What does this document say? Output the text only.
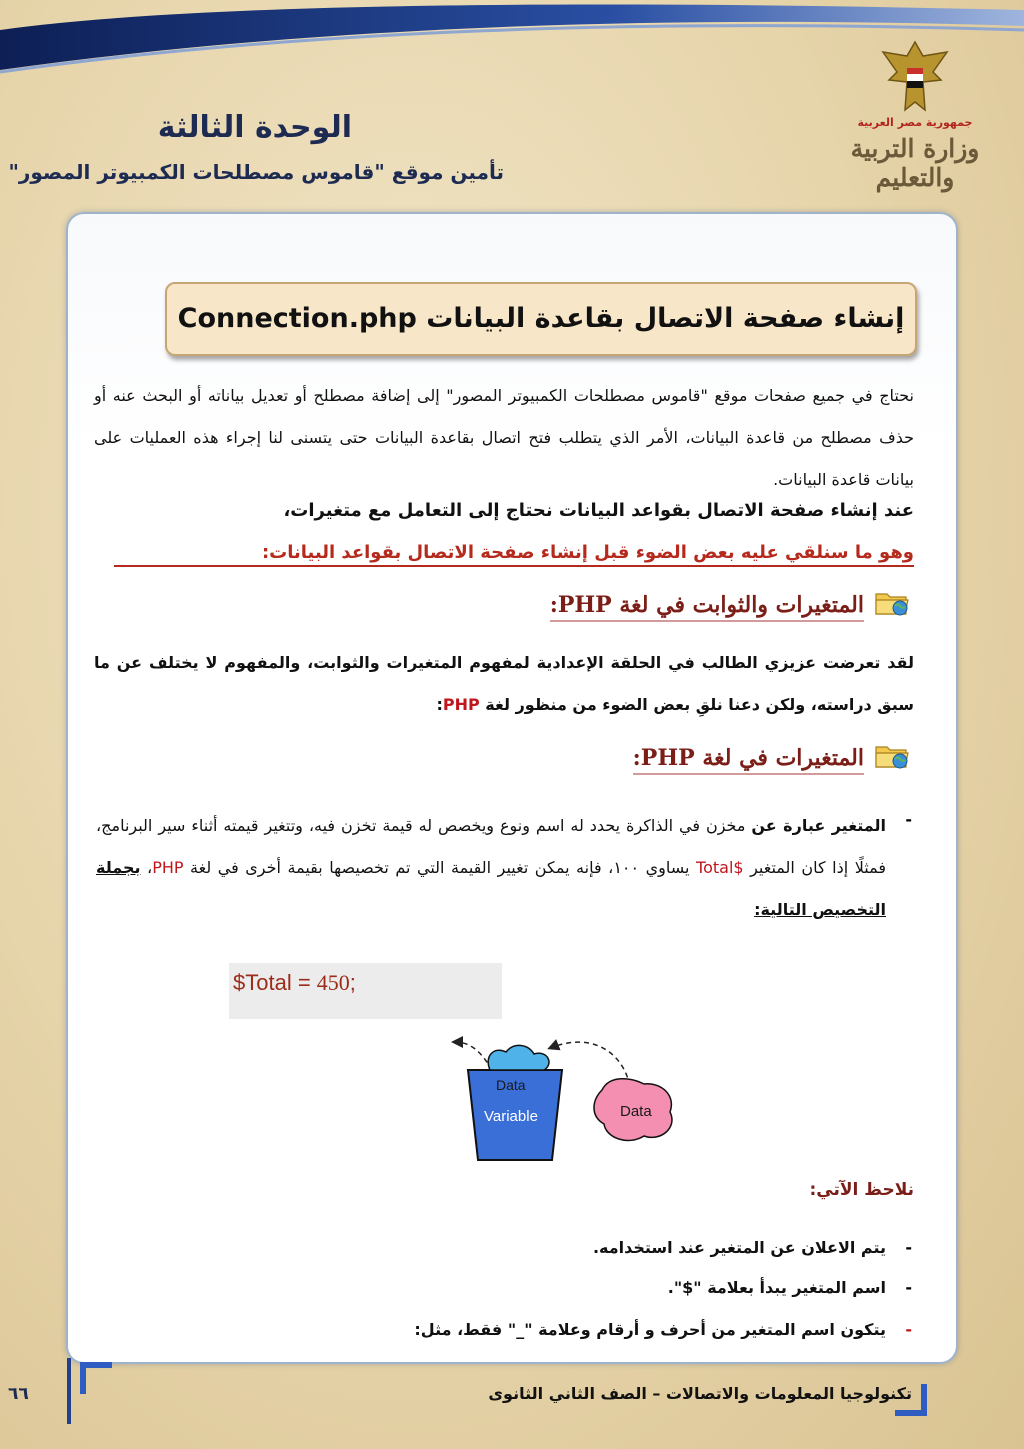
الوحدة الثالثة
تأمين موقع "قاموس مصطلحات الكمبيوتر المصور"
جمهورية مصر العربية
وزارة التربية والتعليم
إنشاء صفحة الاتصال بقاعدة البيانات Connection.php
نحتاج في جميع صفحات موقع "قاموس مصطلحات الكمبيوتر المصور" إلى إضافة مصطلح أو تعديل بياناته أو البحث عنه أو حذف مصطلح من قاعدة البيانات، الأمر الذي يتطلب فتح اتصال بقاعدة البيانات حتى يتسنى لنا إجراء هذه العمليات على بيانات قاعدة البيانات.
عند إنشاء صفحة الاتصال بقواعد البيانات نحتاج إلى التعامل مع متغيرات،
وهو ما سنلقي عليه بعض الضوء قبل إنشاء صفحة الاتصال بقواعد البيانات:
المتغيرات والثوابت في لغة PHP:
لقد تعرضت عزيزي الطالب في الحلقة الإعدادية لمفهوم المتغيرات والثوابت، والمفهوم لا يختلف عن ما سبق دراسته، ولكن دعنا نلقِ بعض الضوء من منظور لغة PHP:
المتغيرات في لغة PHP:
-
المتغير عبارة عن مخزن في الذاكرة يحدد له اسم ونوع ويخصص له قيمة تخزن فيه، وتتغير قيمته أثناء سير البرنامج، فمثلًا إذا كان المتغير $Total يساوي ١٠٠، فإنه يمكن تغيير القيمة التي تم تخصيصها بقيمة أخرى في لغة PHP، بجملة التخصيص التالية:
$Total = 450;
Data
Variable	Data
نلاحظ الآتي:
-
يتم الاعلان عن المتغير عند استخدامه.
-
اسم المتغير يبدأ بعلامة "$".
-
يتكون اسم المتغير من أحرف و أرقام وعلامة "_" فقط، مثل:
٦٦	تكنولوجيا المعلومات والاتصالات – الصف الثاني الثانوى
